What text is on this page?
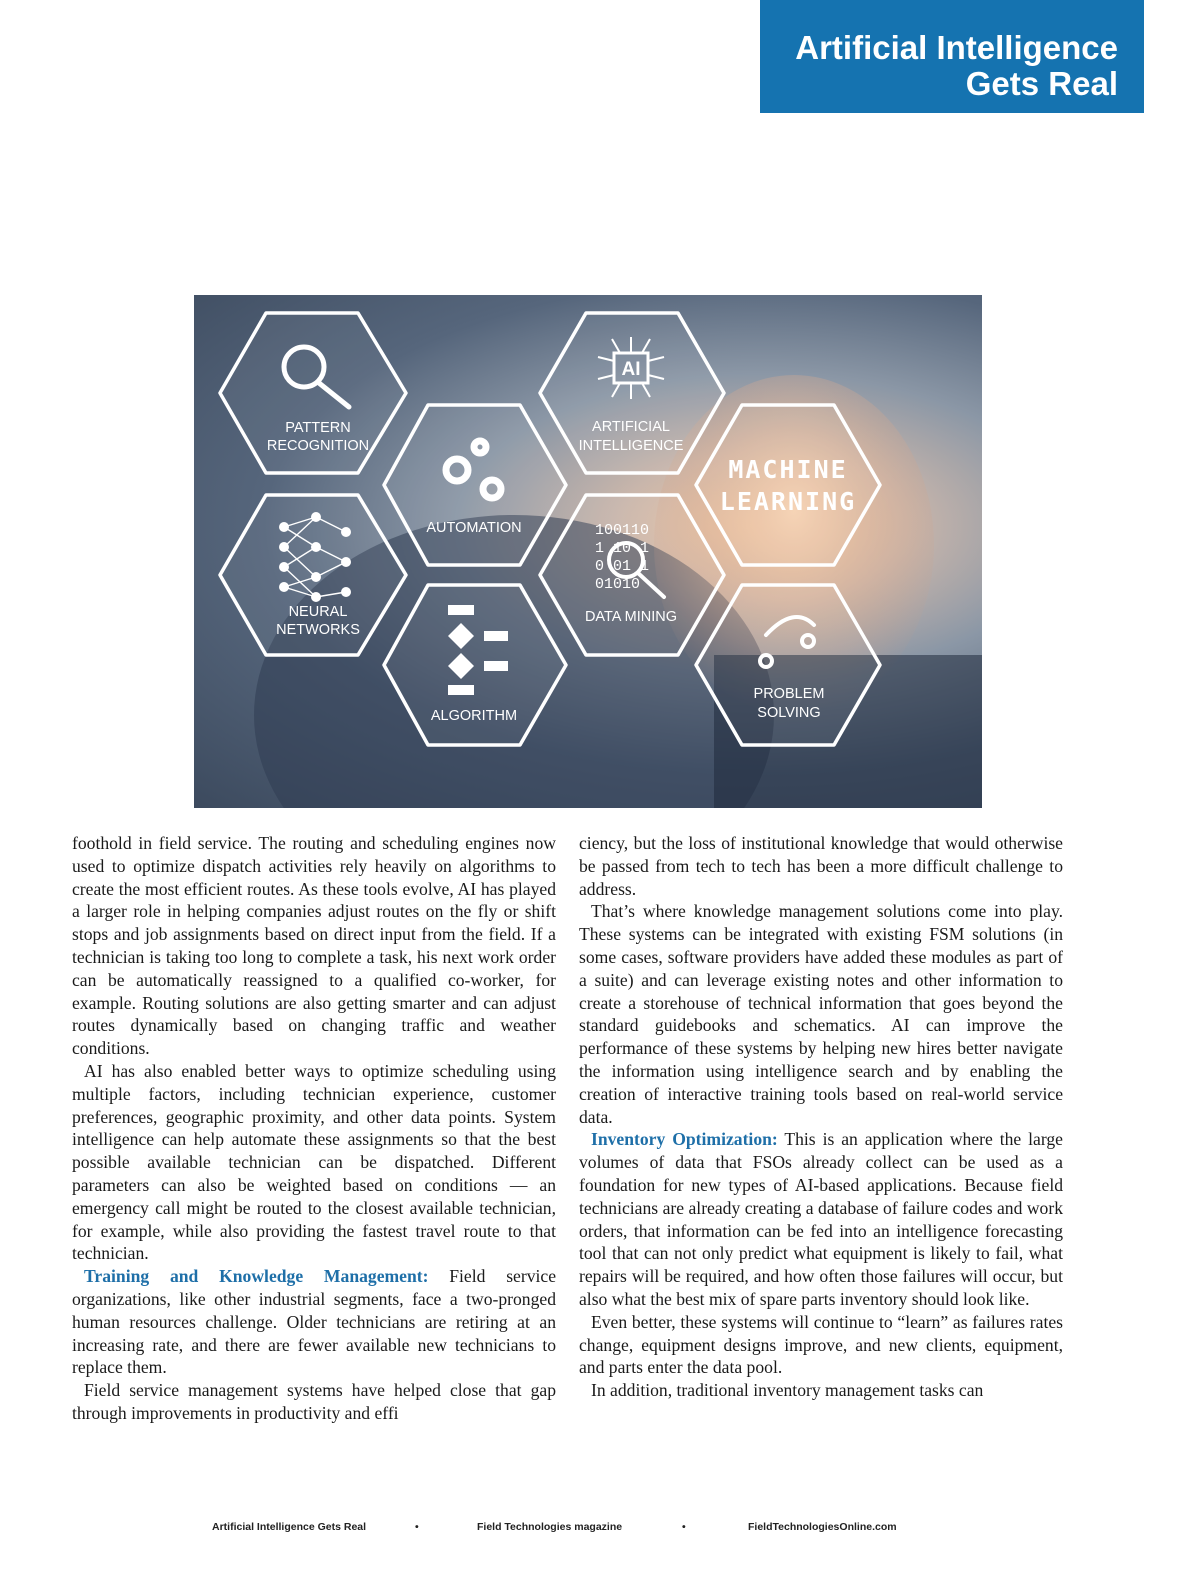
Artificial Intelligence
Gets Real
AI
PATTERN
RECOGNITION
ARTIFICIAL
INTELLIGENCE
AUTOMATION
NEURAL
NETWORKS
DATA MINING
ALGORITHM
PROBLEM
SOLVING
100110
1 10 1
0 01 1
01010
MACHINE
LEARNING

foothold in field service. The routing and scheduling engines now used to optimize dispatch activities rely heavily on algorithms to create the most efficient routes. As these tools evolve, AI has played a larger role in helping companies adjust routes on the fly or shift stops and job assignments based on direct input from the field. If a technician is taking too long to complete a task, his next work order can be automatically reassigned to a qualified co-worker, for example. Routing solutions are also getting smarter and can adjust routes dynamically based on changing traffic and weather conditions.

AI has also enabled better ways to optimize scheduling using multiple factors, including technician experience, customer preferences, geographic proximity, and other data points. System intelligence can help automate these assignments so that the best possible available technician can be dispatched. Different parameters can also be weighted based on conditions — an emergency call might be routed to the closest available technician, for example, while also providing the fastest travel route to that technician.

Training and Knowledge Management: Field service organizations, like other industrial segments, face a two-pronged human resources challenge. Older technicians are retiring at an increasing rate, and there are fewer available new technicians to replace them.

Field service management systems have helped close that gap through improvements in productivity and effi

ciency, but the loss of institutional knowledge that would otherwise be passed from tech to tech has been a more difficult challenge to address.

That’s where knowledge management solutions come into play. These systems can be integrated with existing FSM solutions (in some cases, software providers have added these modules as part of a suite) and can leverage existing notes and other information to create a storehouse of technical information that goes beyond the standard guidebooks and schematics. AI can improve the performance of these systems by helping new hires better navigate the information using intelligence search and by enabling the creation of interactive training tools based on real-world service data.

Inventory Optimization: This is an application where the large volumes of data that FSOs already collect can be used as a foundation for new types of AI-based applications. Because field technicians are already creating a database of failure codes and work orders, that information can be fed into an intelligence forecasting tool that can not only predict what equipment is likely to fail, what repairs will be required, and how often those failures will occur, but also what the best mix of spare parts inventory should look like.

Even better, these systems will continue to “learn” as failures rates change, equipment designs improve, and new clients, equipment, and parts enter the data pool.

In addition, traditional inventory management tasks can

Artificial Intelligence Gets Real	•	Field Technologies magazine	•	FieldTechnologiesOnline.com
